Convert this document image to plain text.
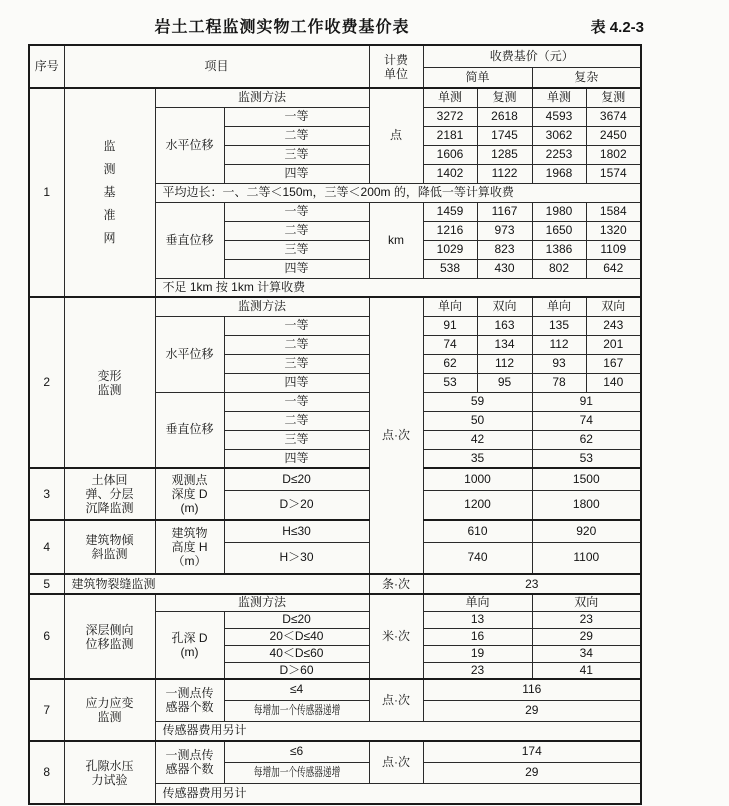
岩土工程监测实物工作收费基价表	表 4.2-3
序号	项目			计费单位	收费基价（元）			
					简单		复杂	
1	监测基准网	监测方法		点	单测	复测	单测	复测
		水平位移	一等		3272	2618	4593	3674
			二等		2181	1745	3062	2450
			三等		1606	1285	2253	1802
			四等		1402	1122	1968	1574
		平均边长：一、二等＜150m，三等＜200m 的，降低一等计算收费						
		垂直位移	一等	km	1459	1167	1980	1584
			二等		1216	973	1650	1320
			三等		1029	823	1386	1109
			四等		538	430	802	642
		不足 1km 按 1km 计算收费						
2	变形监测	监测方法		点·次	单向	双向	单向	双向
		水平位移	一等		91	163	135	243
			二等		74	134	112	201
			三等		62	112	93	167
			四等		53	95	78	140
		垂直位移	一等		59		91	
			二等		50		74	
			三等		42		62	
			四等		35		53	
3	土体回弹、分层沉降监测	观测点深度 D(m)	D≤20		1000		1500	
			D＞20		1200		1800	
4	建筑物倾斜监测	建筑物高度 H（m）	H≤30		610		920	
			H＞30		740		1100	
5	建筑物裂缝监测			条·次	23			
6	深层侧向位移监测	监测方法		米·次	单向		双向	
		孔深 D(m)	D≤20		13		23	
			20＜D≤40		16		29	
			40＜D≤60		19		34	
			D＞60		23		41	
7	应力应变监测	一测点传感器个数	≤4	点·次	116			
			每增加一个传感器递增		29			
		传感器费用另计						
8	孔隙水压力试验	一测点传感器个数	≤6	点·次	174			
			每增加一个传感器递增		29			
		传感器费用另计						
